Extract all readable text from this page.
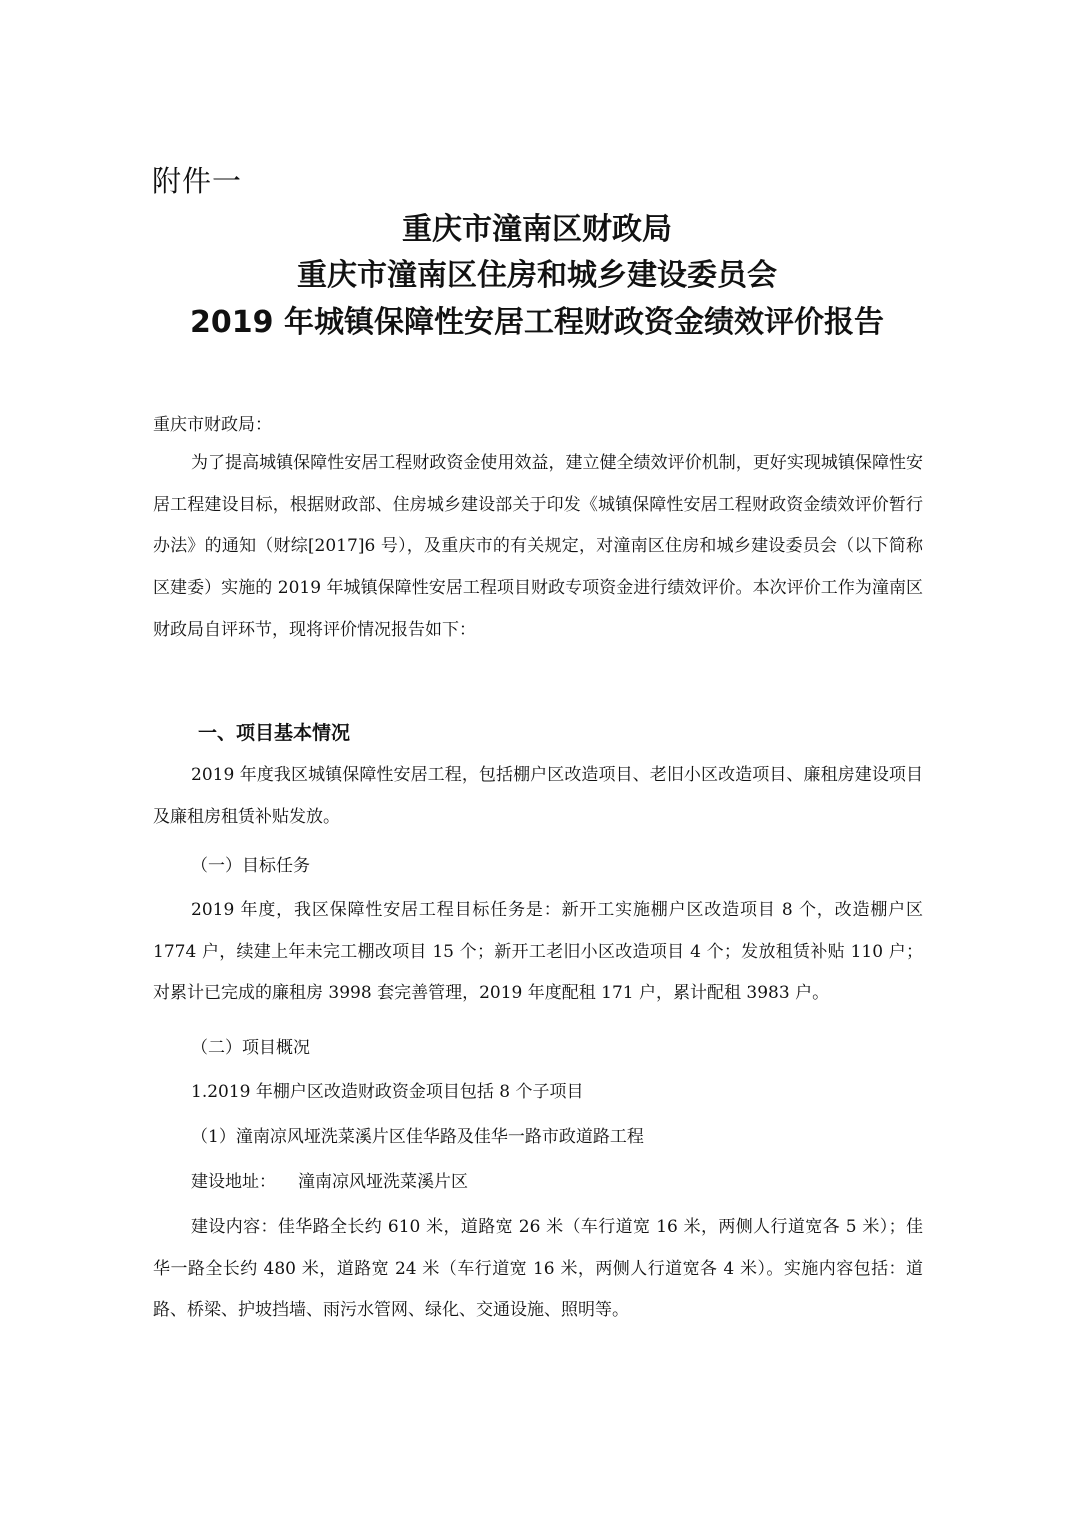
附件一
重庆市潼南区财政局
重庆市潼南区住房和城乡建设委员会
2019 年城镇保障性安居工程财政资金绩效评价报告
重庆市财政局：

为了提高城镇保障性安居工程财政资金使用效益，建立健全绩效评价机制，更好实现城镇保障性安居工程建设目标，根据财政部、住房城乡建设部关于印发《城镇保障性安居工程财政资金绩效评价暂行办法》的通知（财综[2017]6 号），及重庆市的有关规定，对潼南区住房和城乡建设委员会（以下简称区建委）实施的 2019 年城镇保障性安居工程项目财政专项资金进行绩效评价。本次评价工作为潼南区财政局自评环节，现将评价情况报告如下：

一、项目基本情况

2019 年度我区城镇保障性安居工程，包括棚户区改造项目、老旧小区改造项目、廉租房建设项目及廉租房租赁补贴发放。

（一）目标任务

2019 年度，我区保障性安居工程目标任务是：新开工实施棚户区改造项目 8 个，改造棚户区 1774 户，续建上年未完工棚改项目 15 个；新开工老旧小区改造项目 4 个；发放租赁补贴 110 户；对累计已完成的廉租房 3998 套完善管理，2019 年度配租 171 户，累计配租 3983 户。

（二）项目概况
1.2019 年棚户区改造财政资金项目包括 8 个子项目
（1）潼南凉风垭洗菜溪片区佳华路及佳华一路市政道路工程
建设地址： 潼南凉风垭洗菜溪片区

建设内容：佳华路全长约 610 米，道路宽 26 米（车行道宽 16 米，两侧人行道宽各 5 米）；佳华一路全长约 480 米，道路宽 24 米（车行道宽 16 米，两侧人行道宽各 4 米）。实施内容包括：道路、桥梁、护坡挡墙、雨污水管网、绿化、交通设施、照明等。
